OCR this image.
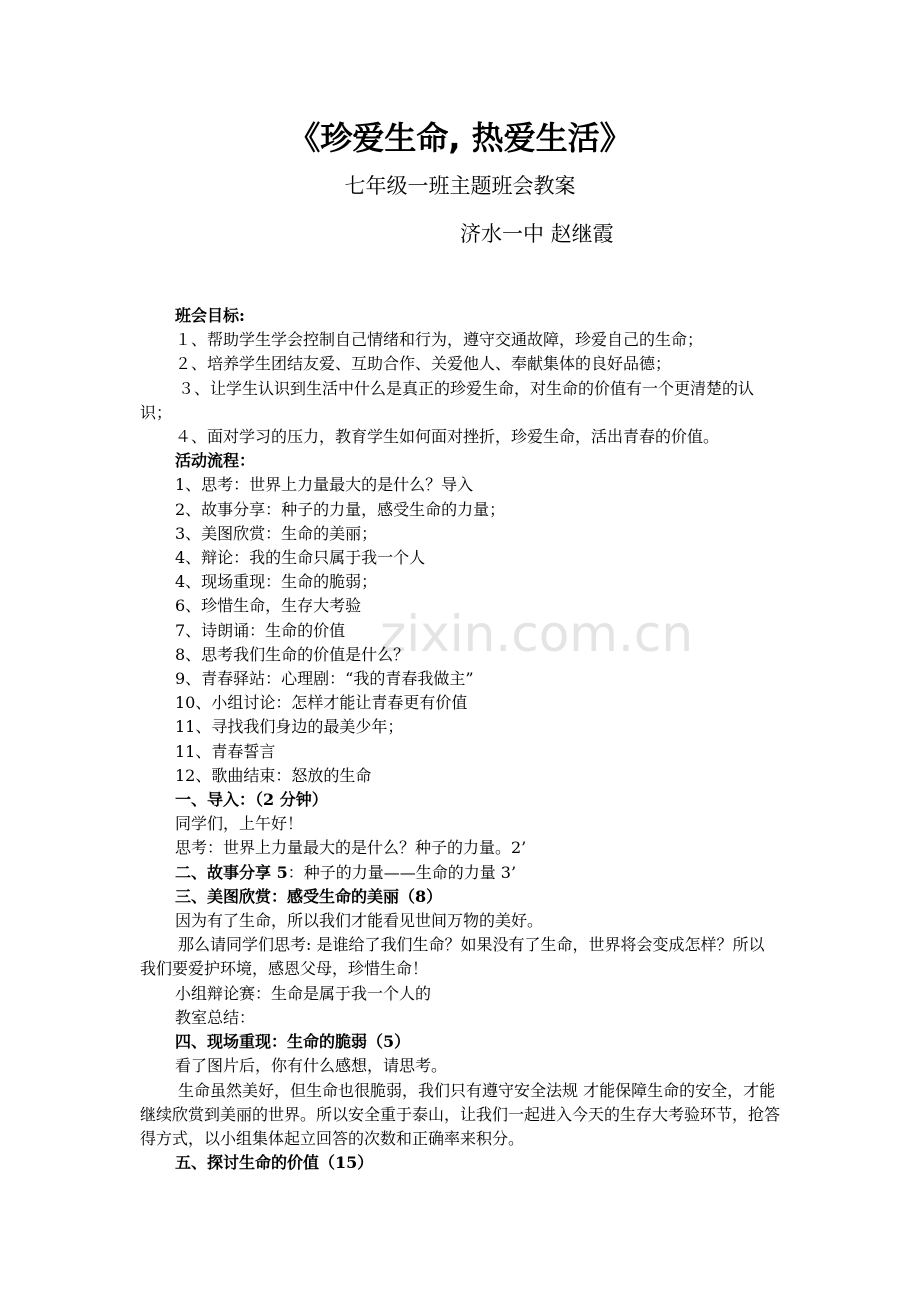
《珍爱生命, 热爱生活》
七年级一班主题班会教案

济水一中 赵继霞

zixin.com.cn

班会目标:

１、帮助学生学会控制自己情绪和行为，遵守交通故障，珍爱自己的生命；

２、培养学生团结友爱、互助合作、关爱他人、奉献集体的良好品德；

３、让学生认识到生活中什么是真正的珍爱生命，对生命的价值有一个更清楚的认识；

４、面对学习的压力，教育学生如何面对挫折，珍爱生命，活出青春的价值。

活动流程：

1、思考：世界上力量最大的是什么？导入

2、故事分享：种子的力量，感受生命的力量；

3、美图欣赏：生命的美丽；

4、辩论：我的生命只属于我一个人

4、现场重现：生命的脆弱；

6、珍惜生命，生存大考验

7、诗朗诵：生命的价值

8、思考我们生命的价值是什么？

9、青春驿站：心理剧：“我的青春我做主”

10、小组讨论：怎样才能让青春更有价值

11、寻找我们身边的最美少年；

11、青春誓言

12、歌曲结束：怒放的生命

一、导入：（2 分钟）

同学们，上午好！

思考：世界上力量最大的是什么？种子的力量。2’

二、故事分享 5：种子的力量——生命的力量 3’

三、美图欣赏：感受生命的美丽（8）

因为有了生命，所以我们才能看见世间万物的美好。

那么请同学们思考: 是谁给了我们生命？如果没有了生命，世界将会变成怎样？所以我们要爱护环境，感恩父母，珍惜生命！

小组辩论赛：生命是属于我一个人的

教室总结：

四、现场重现：生命的脆弱（5）

看了图片后，你有什么感想，请思考。

生命虽然美好，但生命也很脆弱，我们只有遵守安全法规 才能保障生命的安全，才能继续欣赏到美丽的世界。所以安全重于泰山，让我们一起进入今天的生存大考验环节，抢答得方式，以小组集体起立回答的次数和正确率来积分。

五、探讨生命的价值（15）
